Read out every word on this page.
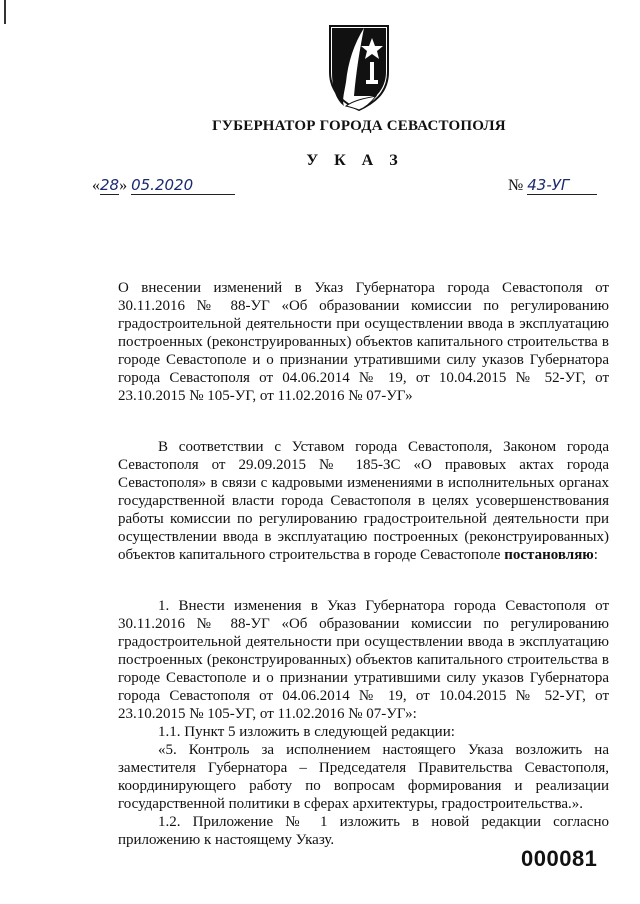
ГУБЕРНАТОР ГОРОДА СЕВАСТОПОЛЯ
У К А З
«28» 05.2020	№ 43-УГ

О внесении изменений в Указ Губернатора города Севастополя от 30.11.2016 № 88-УГ «Об образовании комиссии по регулированию градостроительной деятельности при осуществлении ввода в эксплуатацию построенных (реконструированных) объектов капитального строительства в городе Севастополе и о признании утратившими силу указов Губернатора города Севастополя от 04.06.2014 № 19, от 10.04.2015 № 52-УГ, от 23.10.2015 № 105-УГ, от 11.02.2016 № 07-УГ»

В соответствии с Уставом города Севастополя, Законом города Севастополя от 29.09.2015 № 185-ЗС «О правовых актах города Севастополя» в связи с кадровыми изменениями в исполнительных органах государственной власти города Севастополя в целях усовершенствования работы комиссии по регулированию градостроительной деятельности при осуществлении ввода в эксплуатацию построенных (реконструированных) объектов капитального строительства в городе Севастополе постановляю:

1. Внести изменения в Указ Губернатора города Севастополя от 30.11.2016 № 88-УГ «Об образовании комиссии по регулированию градостроительной деятельности при осуществлении ввода в эксплуатацию построенных (реконструированных) объектов капитального строительства в городе Севастополе и о признании утратившими силу указов Губернатора города Севастополя от 04.06.2014 № 19, от 10.04.2015 № 52-УГ, от 23.10.2015 № 105-УГ, от 11.02.2016 № 07-УГ»:

1.1. Пункт 5 изложить в следующей редакции:

«5. Контроль за исполнением настоящего Указа возложить на заместителя Губернатора – Председателя Правительства Севастополя, координирующего работу по вопросам формирования и реализации государственной политики в сферах архитектуры, градостроительства.».

1.2. Приложение № 1 изложить в новой редакции согласно приложению к настоящему Указу.

000081
